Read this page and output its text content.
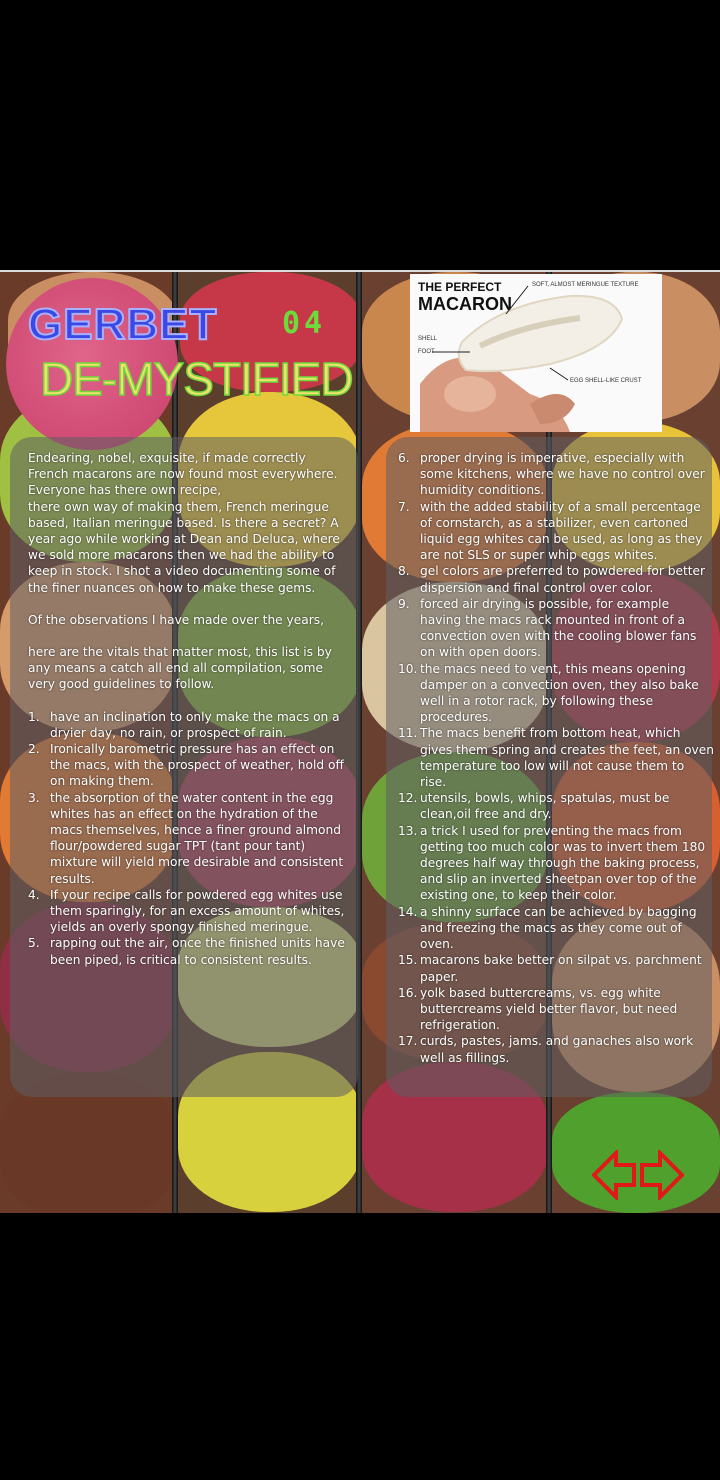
GERBET 04
DE-MYSTIFIED
THE PERFECT
MACARON
SOFT, ALMOST MERINGUE TEXTURE
SHELL
FOOT
EGG SHELL-LIKE CRUST

Endearing, nobel, exquisite, if made correctly French macarons are now found most everywhere. Everyone has there own recipe,

there own way of making them, French meringue based, Italian meringue based. Is there a secret? A year ago while working at Dean and Deluca, where we sold more macarons then we had the ability to keep in stock. I shot a video documenting some of the finer nuances on how to make these gems.

Of the observations I have made over the years,

here are the vitals that matter most, this list is by any means a catch all end all compilation, some very good guidelines to follow.

1. have an inclination to only make the macs on a dryier day, no rain, or prospect of rain.
2. Ironically barometric pressure has an effect on the macs, with the prospect of weather, hold off on making them.
3. the absorption of the water content in the egg whites has an effect on the hydration of the macs themselves, hence a finer ground almond flour/powdered sugar TPT (tant pour tant) mixture will yield more desirable and consistent results.
4. If your recipe calls for powdered egg whites use them sparingly, for an excess amount of whites, yields an overly spongy finished meringue.
5. rapping out the air, once the finished units have been piped, is critical to consistent results.
6. proper drying is imperative, especially with some kitchens, where we have no control over humidity conditions.
7. with the added stability of a small percentage of cornstarch, as a stabilizer, even cartoned liquid egg whites can be used, as long as they are not SLS or super whip eggs whites.
8. gel colors are preferred to powdered for better dispersion and final control over color.
9. forced air drying is possible, for example having the macs rack mounted in front of a convection oven with the cooling blower fans on with open doors.
10. the macs need to vent, this means opening damper on a convection oven, they also bake well in a rotor rack, by following these procedures.
11. The macs benefit from bottom heat, which gives them spring and creates the feet, an oven temperature too low will not cause them to rise.
12. utensils, bowls, whips, spatulas, must be clean,oil free and dry.
13. a trick I used for preventing the macs from getting too much color was to invert them 180 degrees half way through the baking process, and slip an inverted sheetpan over top of the existing one, to keep their color.
14. a shinny surface can be achieved by bagging and freezing the macs as they come out of oven.
15. macarons bake better on silpat vs. parchment paper.
16. yolk based buttercreams, vs. egg white buttercreams yield better flavor, but need refrigeration.
17. curds, pastes, jams. and ganaches also work well as fillings.
